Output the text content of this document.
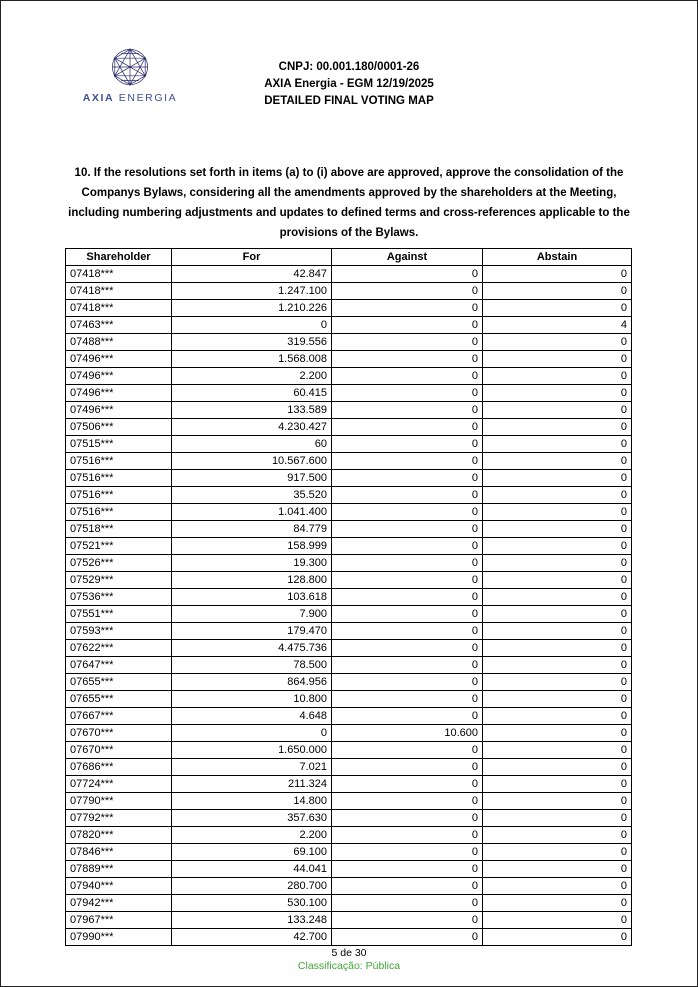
AXIA ENERGIA
CNPJ: 00.001.180/0001-26
AXIA Energia - EGM 12/19/2025
DETAILED FINAL VOTING MAP
10. If the resolutions set forth in items (a) to (i) above are approved, approve the consolidation of the
Companys Bylaws, considering all the amendments approved by the shareholders at the Meeting,
including numbering adjustments and updates to defined terms and cross-references applicable to the
provisions of the Bylaws.
Shareholder	For	Against	Abstain
07418***	42.847	0	0
07418***	1.247.100	0	0
07418***	1.210.226	0	0
07463***	0	0	4
07488***	319.556	0	0
07496***	1.568.008	0	0
07496***	2.200	0	0
07496***	60.415	0	0
07496***	133.589	0	0
07506***	4.230.427	0	0
07515***	60	0	0
07516***	10.567.600	0	0
07516***	917.500	0	0
07516***	35.520	0	0
07516***	1.041.400	0	0
07518***	84.779	0	0
07521***	158.999	0	0
07526***	19.300	0	0
07529***	128.800	0	0
07536***	103.618	0	0
07551***	7.900	0	0
07593***	179.470	0	0
07622***	4.475.736	0	0
07647***	78.500	0	0
07655***	864.956	0	0
07655***	10.800	0	0
07667***	4.648	0	0
07670***	0	10.600	0
07670***	1.650.000	0	0
07686***	7.021	0	0
07724***	211.324	0	0
07790***	14.800	0	0
07792***	357.630	0	0
07820***	2.200	0	0
07846***	69.100	0	0
07889***	44.041	0	0
07940***	280.700	0	0
07942***	530.100	0	0
07967***	133.248	0	0
07990***	42.700	0	0
5 de 30
Classificação: Pública
